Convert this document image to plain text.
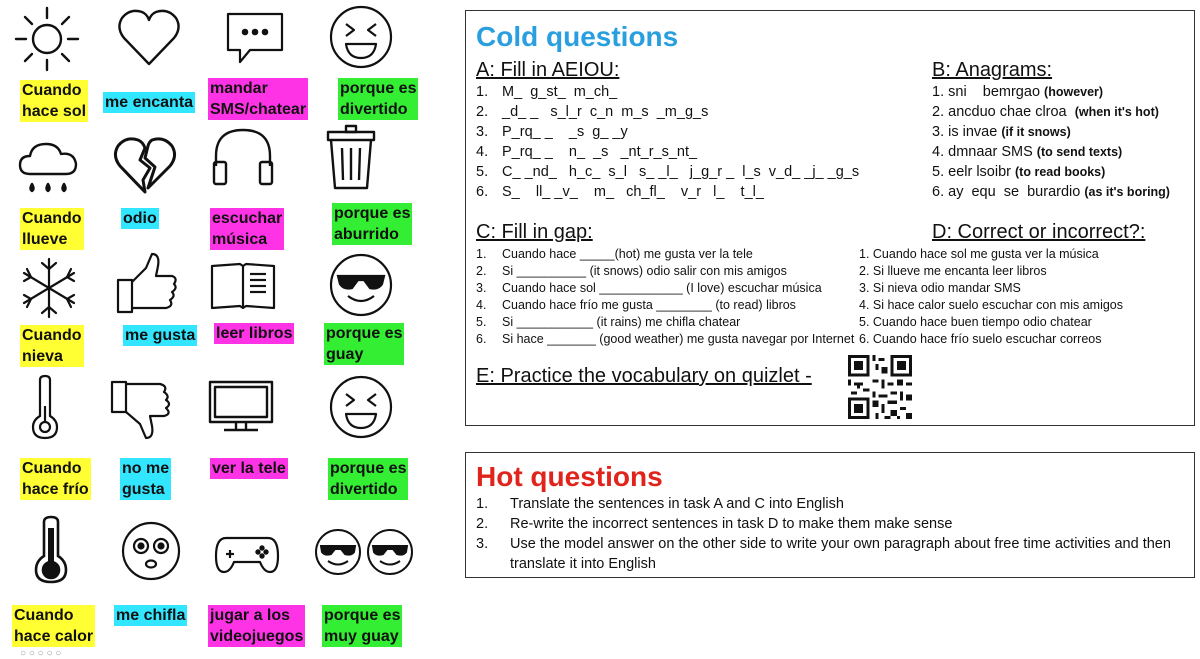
Cuando
hace sol
Cuando
llueve
Cuando
nieva
Cuando
hace frío
Cuando
hace calor
me encanta
odio
me gusta
no me
gusta
me chifla
mandar
SMS/chatear
escuchar
música
leer libros
ver la tele
jugar a los
videojuegos
porque es
divertido
porque es
aburrido
porque es
guay
porque es
divertido
porque es
muy guay
○ ○ ○ ○ ○
Cold questions
A: Fill in AEIOU:
1. M_  g_st_  m_ch_
2. _d_ _   s_l_r  c_n  m_s  _m_g_s
3. P_rq_ _    _s  g_ _y
4. P_rq_ _    n_  _s   _nt_r_s_nt_
5. C_ _nd_   h_c_  s_l   s_ _l_   j_g_r _  l_s  v_d_ _j_ _g_s
6. S_    ll_ _v_    m_   ch_fl_    v_r   l_    t_l_
B: Anagrams:
1. sni    bemrgao (however)
2. ancduo chae clroa  (when it's hot)
3. is invae (if it snows)
4. dmnaar SMS (to send texts)
5. eelr lsoibr (to read books)
6. ay  equ  se  burardio (as it's boring)
C: Fill in gap:
1. Cuando hace _____(hot) me gusta ver la tele
2. Si __________ (it snows) odio salir con mis amigos
3. Cuando hace sol ____________ (I love) escuchar música
4. Cuando hace frío me gusta ________ (to read) libros
5. Si ___________ (it rains) me chifla chatear
6. Si hace _______ (good weather) me gusta navegar por Internet
D: Correct or incorrect?:
1. Cuando hace sol me gusta ver la música
2. Si llueve me encanta leer libros
3. Si nieva odio mandar SMS
4. Si hace calor suelo escuchar con mis amigos
5. Cuando hace buen tiempo odio chatear
6. Cuando hace frío suelo escuchar correos
E: Practice the vocabulary on quizlet -
Hot questions
1. Translate the sentences in task A and C into English
2. Re-write the incorrect sentences in task D to make them make sense
3. Use the model answer on the other side to write your own paragraph about free time activities and then translate it into English
